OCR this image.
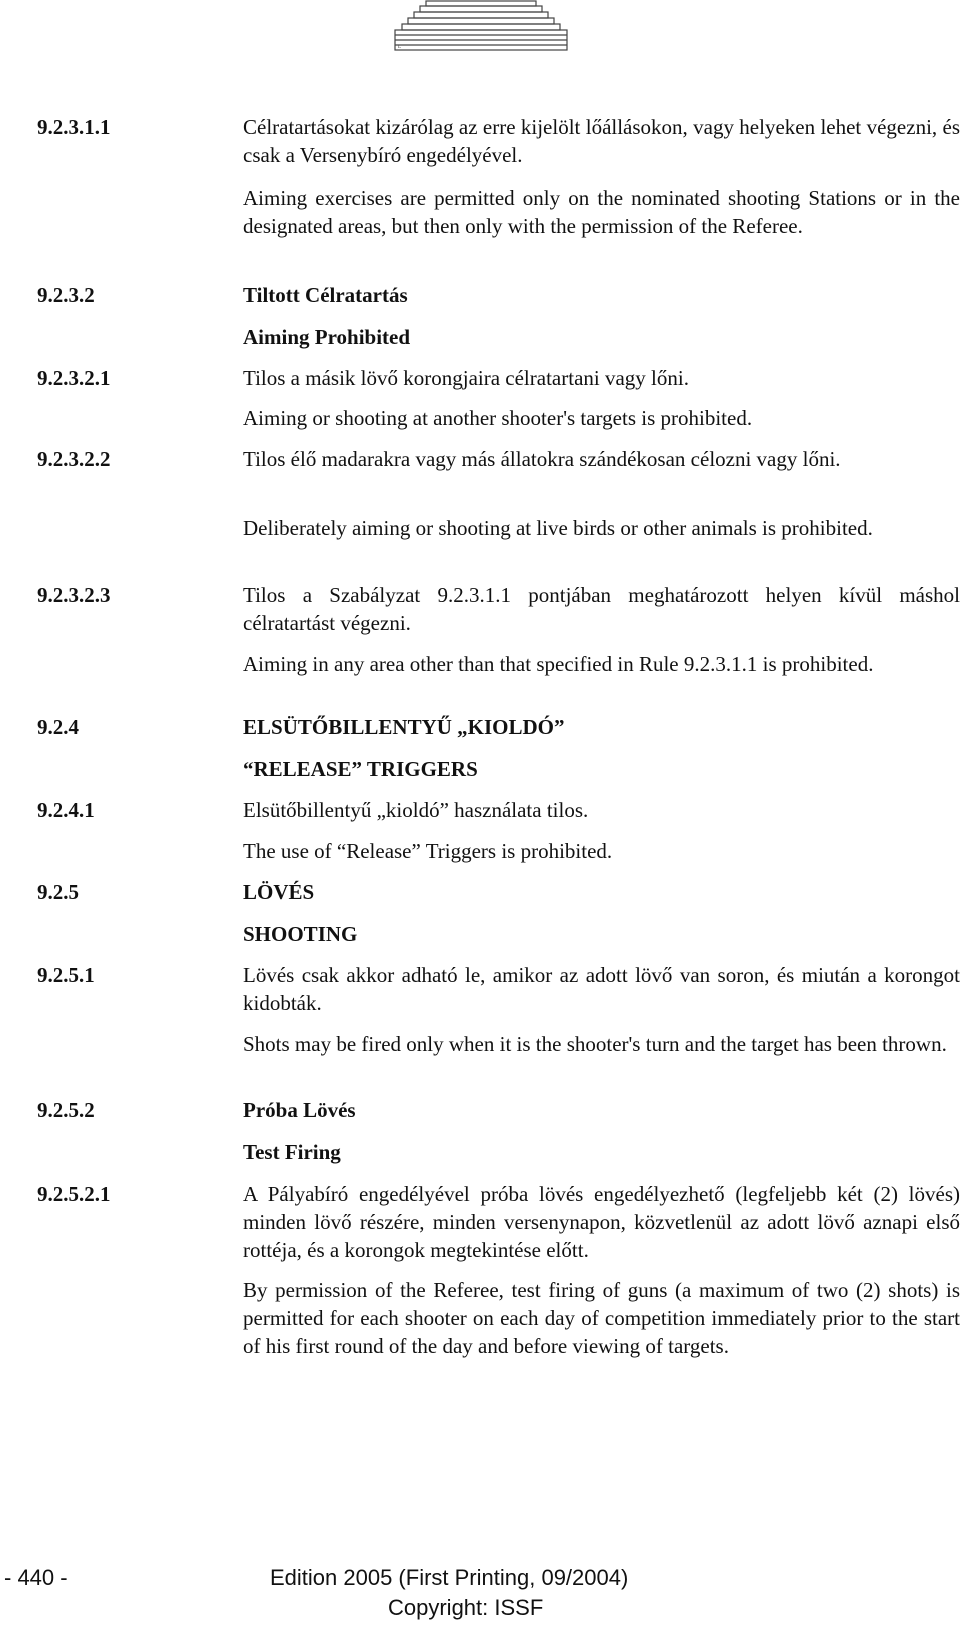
L
9.2.3.1.1	Célratartásokat kizárólag az erre kijelölt lőállásokon, vagy helyeken lehet végezni, és csak a Versenybíró engedélyével.
Aiming exercises are permitted only on the nominated shooting Stations or in the designated areas, but then only with the permission of the Referee.
9.2.3.2	Tiltott Célratartás
Aiming Prohibited
9.2.3.2.1	Tilos a másik lövő korongjaira célratartani vagy lőni.
Aiming or shooting at another shooter's targets is prohibited.
9.2.3.2.2	Tilos élő madarakra vagy más állatokra szándékosan célozni vagy lőni.
Deliberately aiming or shooting at live birds or other animals is prohibited.
9.2.3.2.3	Tilos a Szabályzat 9.2.3.1.1 pontjában meghatározott helyen kívül máshol célratartást végezni.
Aiming in any area other than that specified in Rule 9.2.3.1.1 is prohibited.
9.2.4	ELSÜTŐBILLENTYŰ „KIOLDÓ”
“RELEASE” TRIGGERS
9.2.4.1	Elsütőbillentyű „kioldó” használata tilos.
The use of “Release” Triggers is prohibited.
9.2.5	LÖVÉS
SHOOTING
9.2.5.1	Lövés csak akkor adható le, amikor az adott lövő van soron, és miután a korongot kidobták.
Shots may be fired only when it is the shooter's turn and the target has been thrown.
9.2.5.2	Próba Lövés
Test Firing
9.2.5.2.1	A Pályabíró engedélyével próba lövés engedélyezhető (legfeljebb két (2) lövés) minden lövő részére, minden versenynapon, közvetlenül az adott lövő aznapi első rottéja, és a korongok megtekintése előtt.
By permission of the Referee, test firing of guns (a maximum of two (2) shots) is permitted for each shooter on each day of competition immediately prior to the start of his first round of the day and before viewing of targets.
- 440 -	Edition 2005 (First Printing, 09/2004)
Copyright: ISSF
